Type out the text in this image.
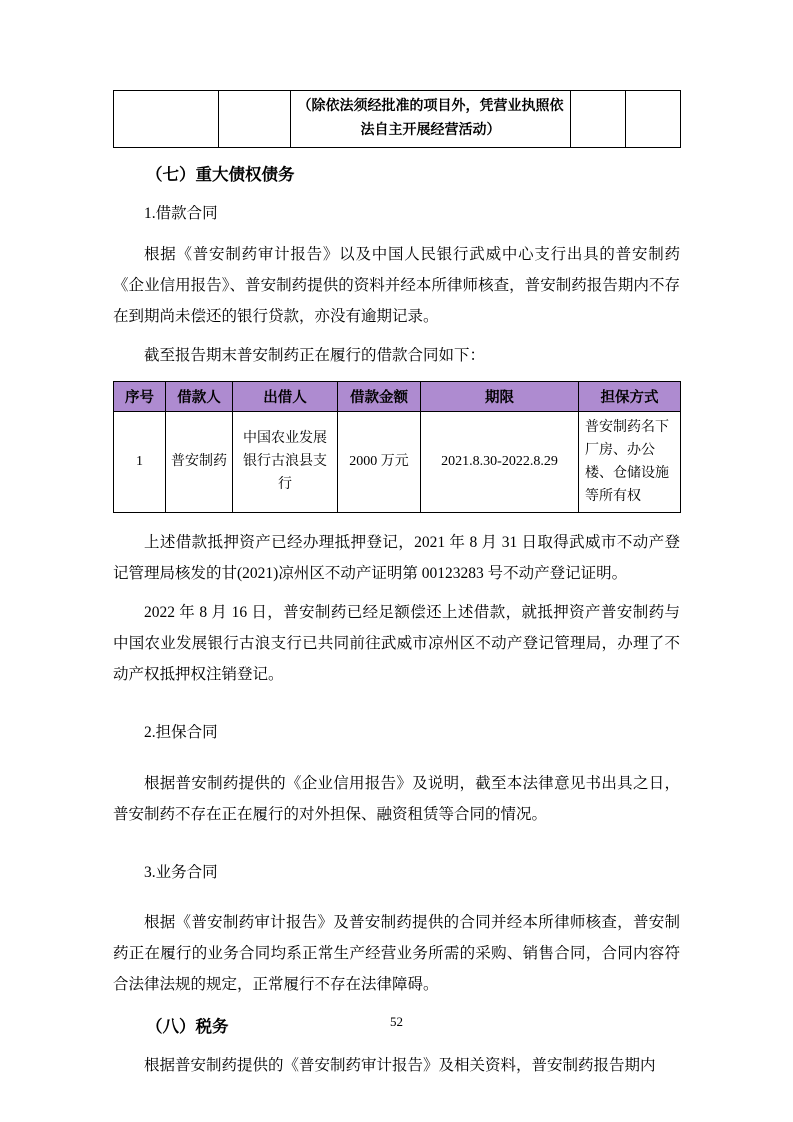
		（除依法须经批准的项目外，凭营业执照依法自主开展经营活动）		
（七）重大债权债务
1.借款合同

根据《普安制药审计报告》以及中国人民银行武威中心支行出具的普安制药《企业信用报告》、普安制药提供的资料并经本所律师核查，普安制药报告期内不存在到期尚未偿还的银行贷款，亦没有逾期记录。

截至报告期末普安制药正在履行的借款合同如下：

序号	借款人	出借人	借款金额	期限	担保方式
1	普安制药	中国农业发展银行古浪县支行	2000 万元	2021.8.30-2022.8.29	普安制药名下厂房、办公楼、仓储设施等所有权

上述借款抵押资产已经办理抵押登记，2021 年 8 月 31 日取得武威市不动产登记管理局核发的甘(2021)凉州区不动产证明第 00123283 号不动产登记证明。

2022 年 8 月 16 日，普安制药已经足额偿还上述借款，就抵押资产普安制药与中国农业发展银行古浪支行已共同前往武威市凉州区不动产登记管理局，办理了不动产权抵押权注销登记。

2.担保合同

根据普安制药提供的《企业信用报告》及说明，截至本法律意见书出具之日，普安制药不存在正在履行的对外担保、融资租赁等合同的情况。

3.业务合同

根据《普安制药审计报告》及普安制药提供的合同并经本所律师核查，普安制药正在履行的业务合同均系正常生产经营业务所需的采购、销售合同，合同内容符合法律法规的规定，正常履行不存在法律障碍。

（八）税务

根据普安制药提供的《普安制药审计报告》及相关资料，普安制药报告期内

52
